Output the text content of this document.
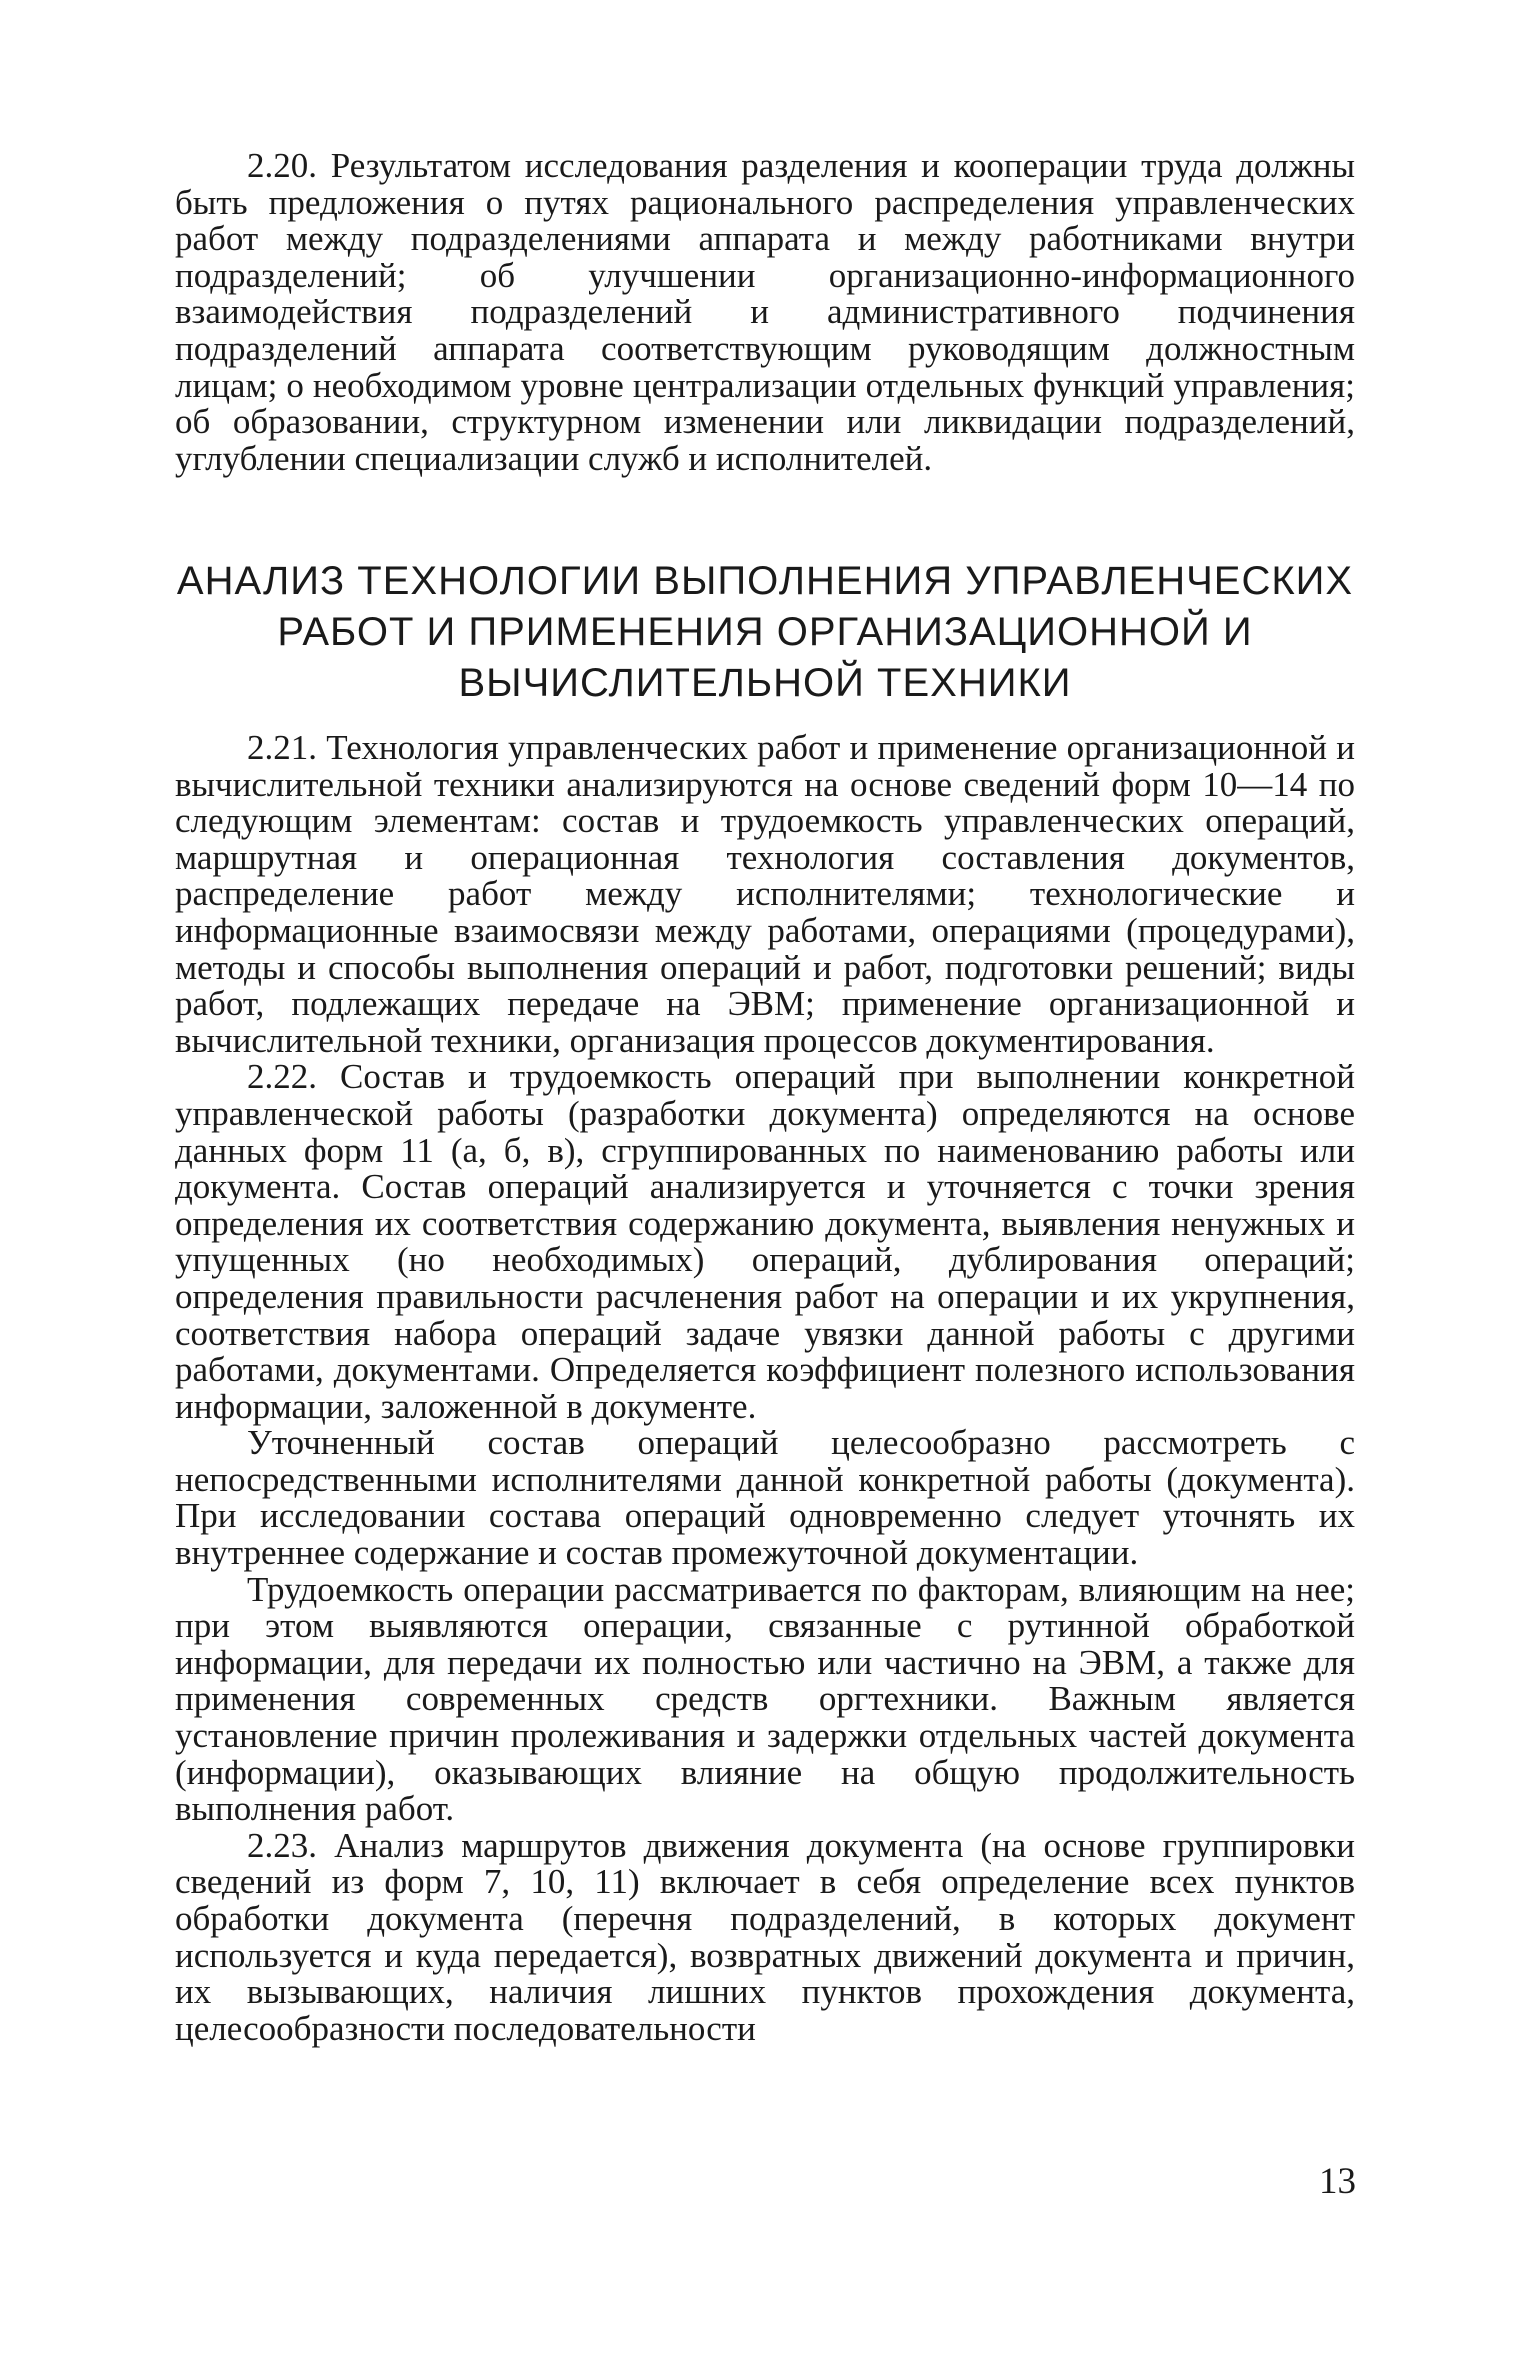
2.20. Результатом исследования разделения и кооперации труда должны быть предложения о путях рационального распределения управленческих работ между подразделениями аппарата и между работниками внутри подразделений; об улучшении организационно-информационного взаимодействия подразделений и административного подчинения подразделений аппарата соответствующим руководящим должностным лицам; о необходимом уровне централизации отдельных функций управления; об образовании, структурном изменении или ликвидации подразделений, углублении специализации служб и исполнителей.

АНАЛИЗ ТЕХНОЛОГИИ ВЫПОЛНЕНИЯ УПРАВЛЕНЧЕСКИХ РАБОТ И ПРИМЕНЕНИЯ ОРГАНИЗАЦИОННОЙ И ВЫЧИСЛИТЕЛЬНОЙ ТЕХНИКИ

2.21. Технология управленческих работ и применение организационной и вычислительной техники анализируются на основе сведений форм 10—14 по следующим элементам: состав и трудоемкость управленческих операций, маршрутная и операционная технология составления документов, распределение работ между исполнителями; технологические и информационные взаимосвязи между работами, операциями (процедурами), методы и способы выполнения операций и работ, подготовки решений; виды работ, подлежащих передаче на ЭВМ; применение организационной и вычислительной техники, организация процессов документирования.

2.22. Состав и трудоемкость операций при выполнении конкретной управленческой работы (разработки документа) определяются на основе данных форм 11 (а, б, в), сгруппированных по наименованию работы или документа. Состав операций анализируется и уточняется с точки зрения определения их соответствия содержанию документа, выявления ненужных и упущенных (но необходимых) операций, дублирования операций; определения правильности расчленения работ на операции и их укрупнения, соответствия набора операций задаче увязки данной работы с другими работами, документами. Определяется коэффициент полезного использования информации, заложенной в документе.

Уточненный состав операций целесообразно рассмотреть с непосредственными исполнителями данной конкретной работы (документа). При исследовании состава операций одновременно следует уточнять их внутреннее содержание и состав промежуточной документации.

Трудоемкость операции рассматривается по факторам, влияющим на нее; при этом выявляются операции, связанные с рутинной обработкой информации, для передачи их полностью или частично на ЭВМ, а также для применения современных средств оргтехники. Важным является установление причин пролеживания и задержки отдельных частей документа (информации), оказывающих влияние на общую продолжительность выполнения работ.

2.23. Анализ маршрутов движения документа (на основе группировки сведений из форм 7, 10, 11) включает в себя определение всех пунктов обработки документа (перечня подразделений, в которых документ используется и куда передается), возвратных движений документа и причин, их вызывающих, наличия лишних пунктов прохождения документа, целесообразности последовательности

13
